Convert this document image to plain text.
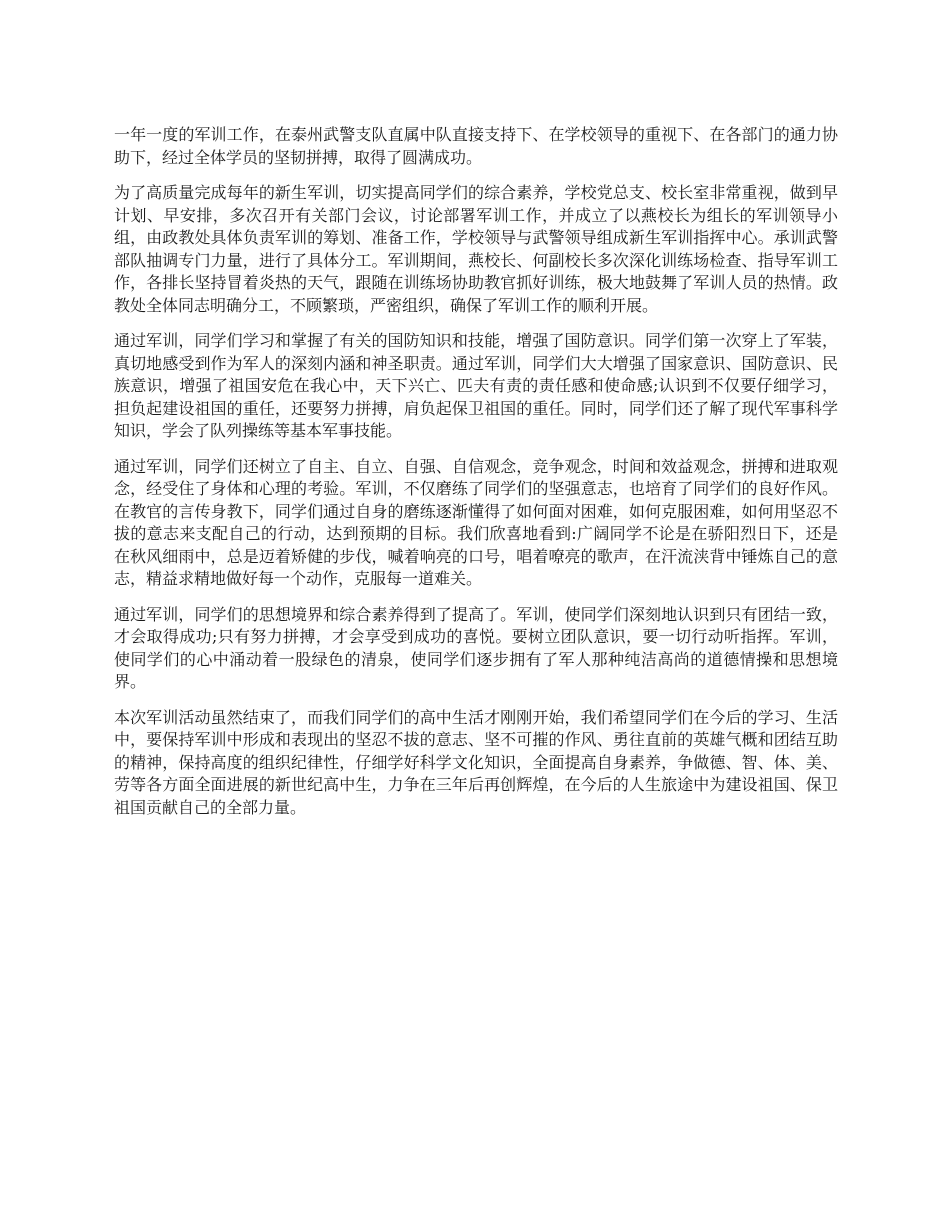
一年一度的军训工作，在泰州武警支队直属中队直接支持下、在学校领导的重视下、在各部门的通力协助下，经过全体学员的坚韧拼搏，取得了圆满成功。

为了高质量完成每年的新生军训，切实提高同学们的综合素养，学校党总支、校长室非常重视，做到早计划、早安排，多次召开有关部门会议，讨论部署军训工作，并成立了以燕校长为组长的军训领导小组，由政教处具体负责军训的筹划、准备工作，学校领导与武警领导组成新生军训指挥中心。承训武警部队抽调专门力量，进行了具体分工。军训期间，燕校长、何副校长多次深化训练场检查、指导军训工作，各排长坚持冒着炎热的天气，跟随在训练场协助教官抓好训练，极大地鼓舞了军训人员的热情。政教处全体同志明确分工，不顾繁琐，严密组织，确保了军训工作的顺利开展。

通过军训，同学们学习和掌握了有关的国防知识和技能，增强了国防意识。同学们第一次穿上了军装，真切地感受到作为军人的深刻内涵和神圣职责。通过军训，同学们大大增强了国家意识、国防意识、民族意识，增强了祖国安危在我心中，天下兴亡、匹夫有责的责任感和使命感;认识到不仅要仔细学习，担负起建设祖国的重任，还要努力拼搏，肩负起保卫祖国的重任。同时，同学们还了解了现代军事科学知识，学会了队列操练等基本军事技能。

通过军训，同学们还树立了自主、自立、自强、自信观念，竞争观念，时间和效益观念，拼搏和进取观念，经受住了身体和心理的考验。军训，不仅磨练了同学们的坚强意志，也培育了同学们的良好作风。在教官的言传身教下，同学们通过自身的磨练逐渐懂得了如何面对困难，如何克服困难，如何用坚忍不拔的意志来支配自己的行动，达到预期的目标。我们欣喜地看到:广阔同学不论是在骄阳烈日下，还是在秋风细雨中，总是迈着矫健的步伐，喊着响亮的口号，唱着嘹亮的歌声，在汗流浃背中锤炼自己的意志，精益求精地做好每一个动作，克服每一道难关。

通过军训，同学们的思想境界和综合素养得到了提高了。军训，使同学们深刻地认识到只有团结一致，才会取得成功;只有努力拼搏，才会享受到成功的喜悦。要树立团队意识，要一切行动听指挥。军训，使同学们的心中涌动着一股绿色的清泉，使同学们逐步拥有了军人那种纯洁高尚的道德情操和思想境界。

本次军训活动虽然结束了，而我们同学们的高中生活才刚刚开始，我们希望同学们在今后的学习、生活中，要保持军训中形成和表现出的坚忍不拔的意志、坚不可摧的作风、勇往直前的英雄气概和团结互助的精神，保持高度的组织纪律性，仔细学好科学文化知识，全面提高自身素养，争做德、智、体、美、劳等各方面全面进展的新世纪高中生，力争在三年后再创辉煌，在今后的人生旅途中为建设祖国、保卫祖国贡献自己的全部力量。
